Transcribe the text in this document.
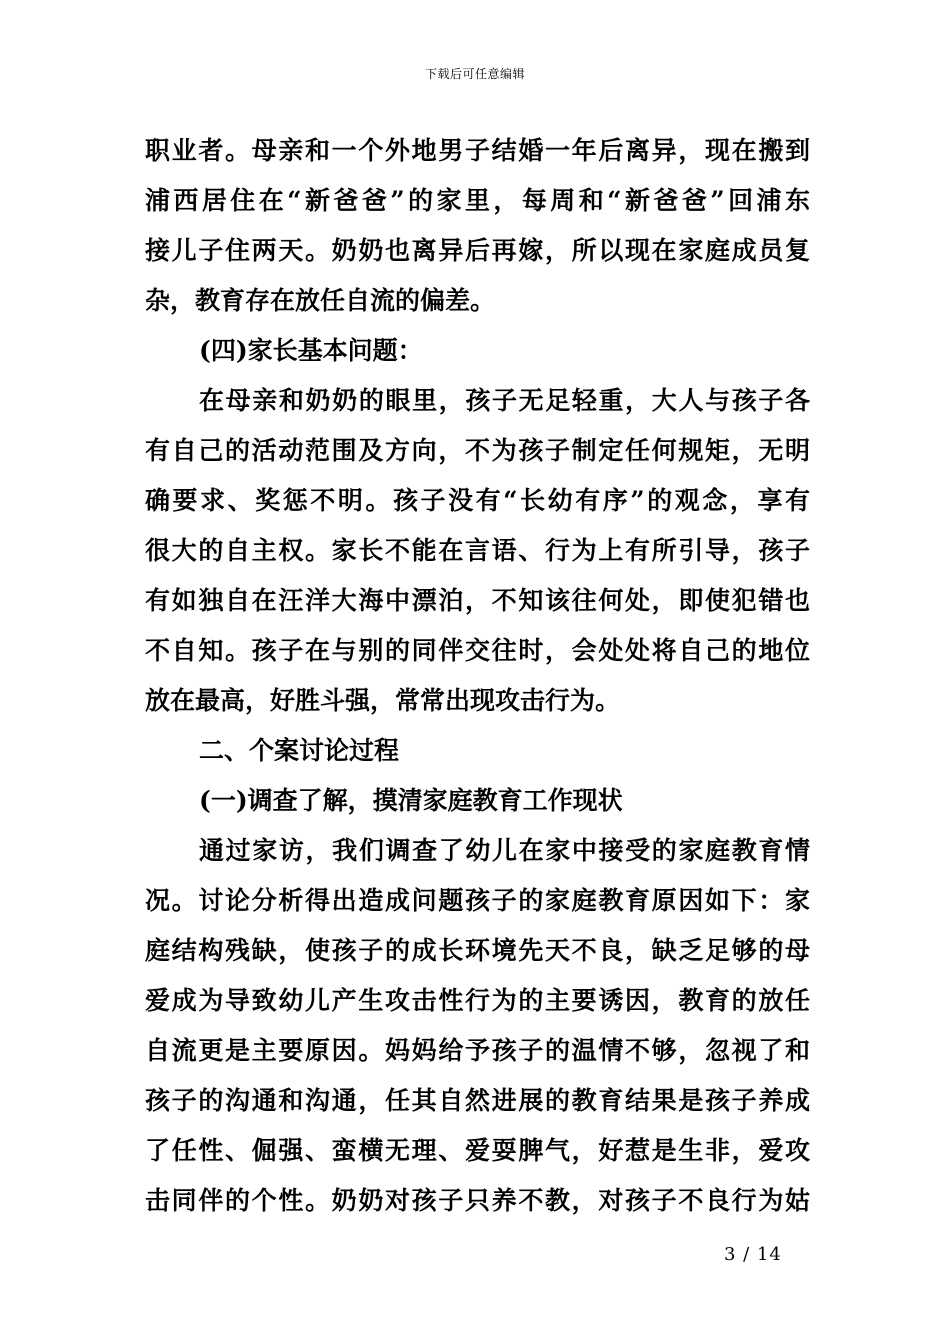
下载后可任意编辑
职业者。母亲和一个外地男子结婚一年后离异，现在搬到
浦西居住在“新爸爸”的家里，每周和“新爸爸”回浦东
接儿子住两天。奶奶也离异后再嫁，所以现在家庭成员复
杂，教育存在放任自流的偏差。
(四)家长基本问题：
在母亲和奶奶的眼里，孩子无足轻重，大人与孩子各
有自己的活动范围及方向，不为孩子制定任何规矩，无明
确要求、奖惩不明。孩子没有“长幼有序”的观念，享有
很大的自主权。家长不能在言语、行为上有所引导，孩子
有如独自在汪洋大海中漂泊，不知该往何处，即使犯错也
不自知。孩子在与别的同伴交往时，会处处将自己的地位
放在最高，好胜斗强，常常出现攻击行为。
二、个案讨论过程
(一)调查了解，摸清家庭教育工作现状
通过家访，我们调查了幼儿在家中接受的家庭教育情
况。讨论分析得出造成问题孩子的家庭教育原因如下：家
庭结构残缺，使孩子的成长环境先天不良，缺乏足够的母
爱成为导致幼儿产生攻击性行为的主要诱因，教育的放任
自流更是主要原因。妈妈给予孩子的温情不够，忽视了和
孩子的沟通和沟通，任其自然进展的教育结果是孩子养成
了任性、倔强、蛮横无理、爱耍脾气，好惹是生非，爱攻
击同伴的个性。奶奶对孩子只养不教，对孩子不良行为姑
3 / 14
